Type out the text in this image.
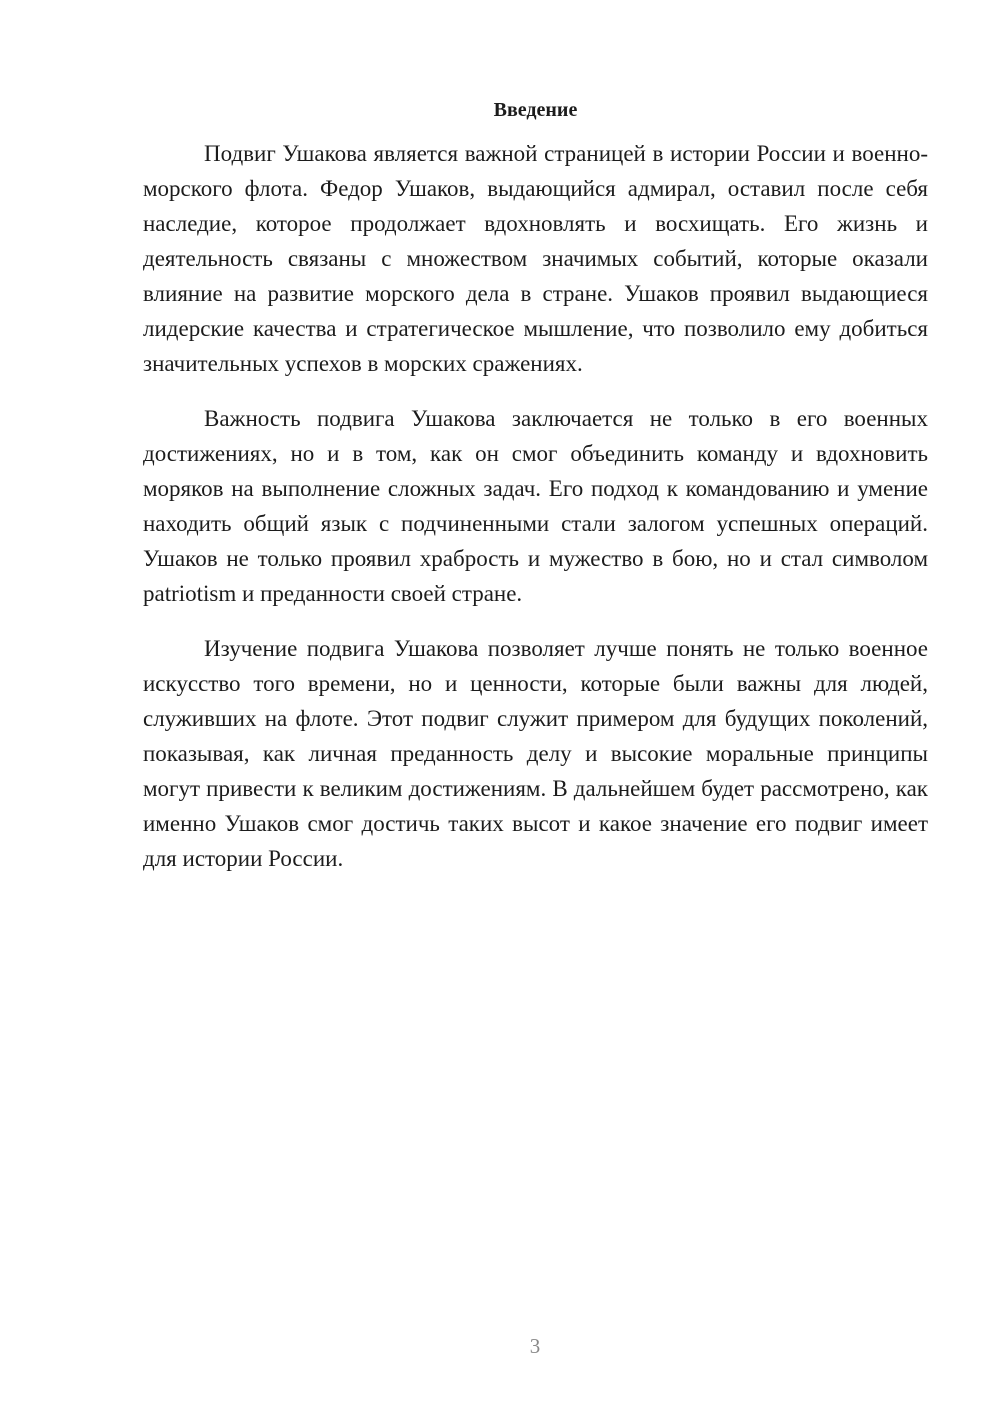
Введение

Подвиг Ушакова является важной страницей в истории России и военно-морского флота. Федор Ушаков, выдающийся адмирал, оставил после себя наследие, которое продолжает вдохновлять и восхищать. Его жизнь и деятельность связаны с множеством значимых событий, которые оказали влияние на развитие морского дела в стране. Ушаков проявил выдающиеся лидерские качества и стратегическое мышление, что позволило ему добиться значительных успехов в морских сражениях.

Важность подвига Ушакова заключается не только в его военных достижениях, но и в том, как он смог объединить команду и вдохновить моряков на выполнение сложных задач. Его подход к командованию и умение находить общий язык с подчиненными стали залогом успешных операций. Ушаков не только проявил храбрость и мужество в бою, но и стал символом patriotism и преданности своей стране.

Изучение подвига Ушакова позволяет лучше понять не только военное искусство того времени, но и ценности, которые были важны для людей, служивших на флоте. Этот подвиг служит примером для будущих поколений, показывая, как личная преданность делу и высокие моральные принципы могут привести к великим достижениям. В дальнейшем будет рассмотрено, как именно Ушаков смог достичь таких высот и какое значение его подвиг имеет для истории России.

3
